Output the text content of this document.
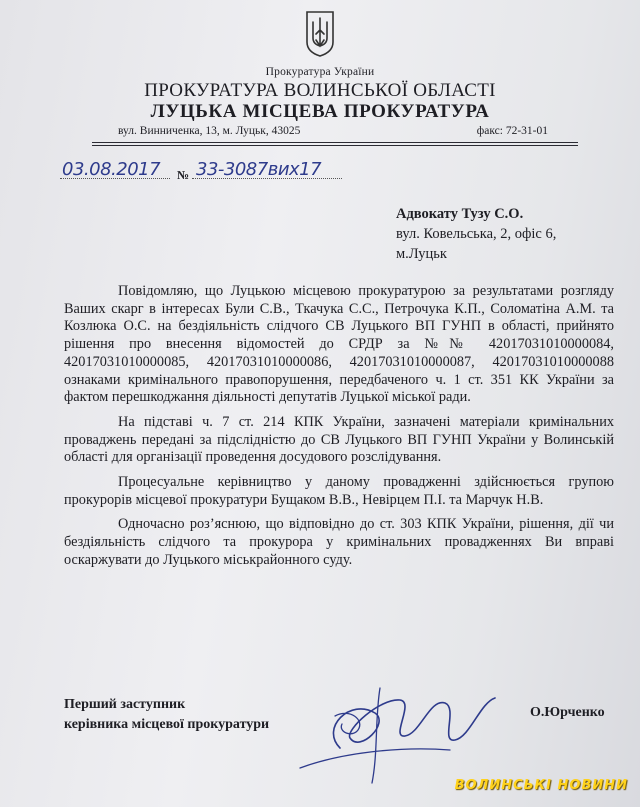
Прокуратура України
ПРОКУРАТУРА ВОЛИНСЬКОЇ ОБЛАСТІ
ЛУЦЬКА МІСЦЕВА ПРОКУРАТУРА
вул. Винниченка, 13, м. Луцьк, 43025	факс: 72-31-01
03.08.2017 № 33-3087вих17
Адвокату Тузу С.О.
вул. Ковельська, 2, офіс 6,
м.Луцьк

Повідомляю, що Луцькою місцевою прокуратурою за результатами розгляду Ваших скарг в інтересах Були С.В., Ткачука С.С., Петрочука К.П., Соломатіна А.М. та Козлюка О.С. на бездіяльність слідчого СВ Луцького ВП ГУНП в області, прийнято рішення про внесення відомостей до СРДР за №№ 42017031010000084, 42017031010000085, 42017031010000086, 42017031010000087, 42017031010000088 ознаками кримінального правопорушення, передбаченого ч. 1 ст. 351 КК України за фактом перешкоджання діяльності депутатів Луцької міської ради.

На підставі ч. 7 ст. 214 КПК України, зазначені матеріали кримінальних проваджень передані за підслідністю до СВ Луцького ВП ГУНП України у Волинській області для організації проведення досудового розслідування.

Процесуальне керівництво у даному провадженні здійснюється групою прокурорів місцевої прокуратури Бущаком В.В., Невірцем П.І. та Марчук Н.В.

Одночасно роз’яснюю, що відповідно до ст. 303 КПК України, рішення, дії чи бездіяльність слідчого та прокурора у кримінальних провадженнях Ви вправі оскаржувати до Луцького міськрайонного суду.

Перший заступник
керівника місцевої прокуратури
О.Юрченко
ВОЛИНСЬКІ НОВИНИ
